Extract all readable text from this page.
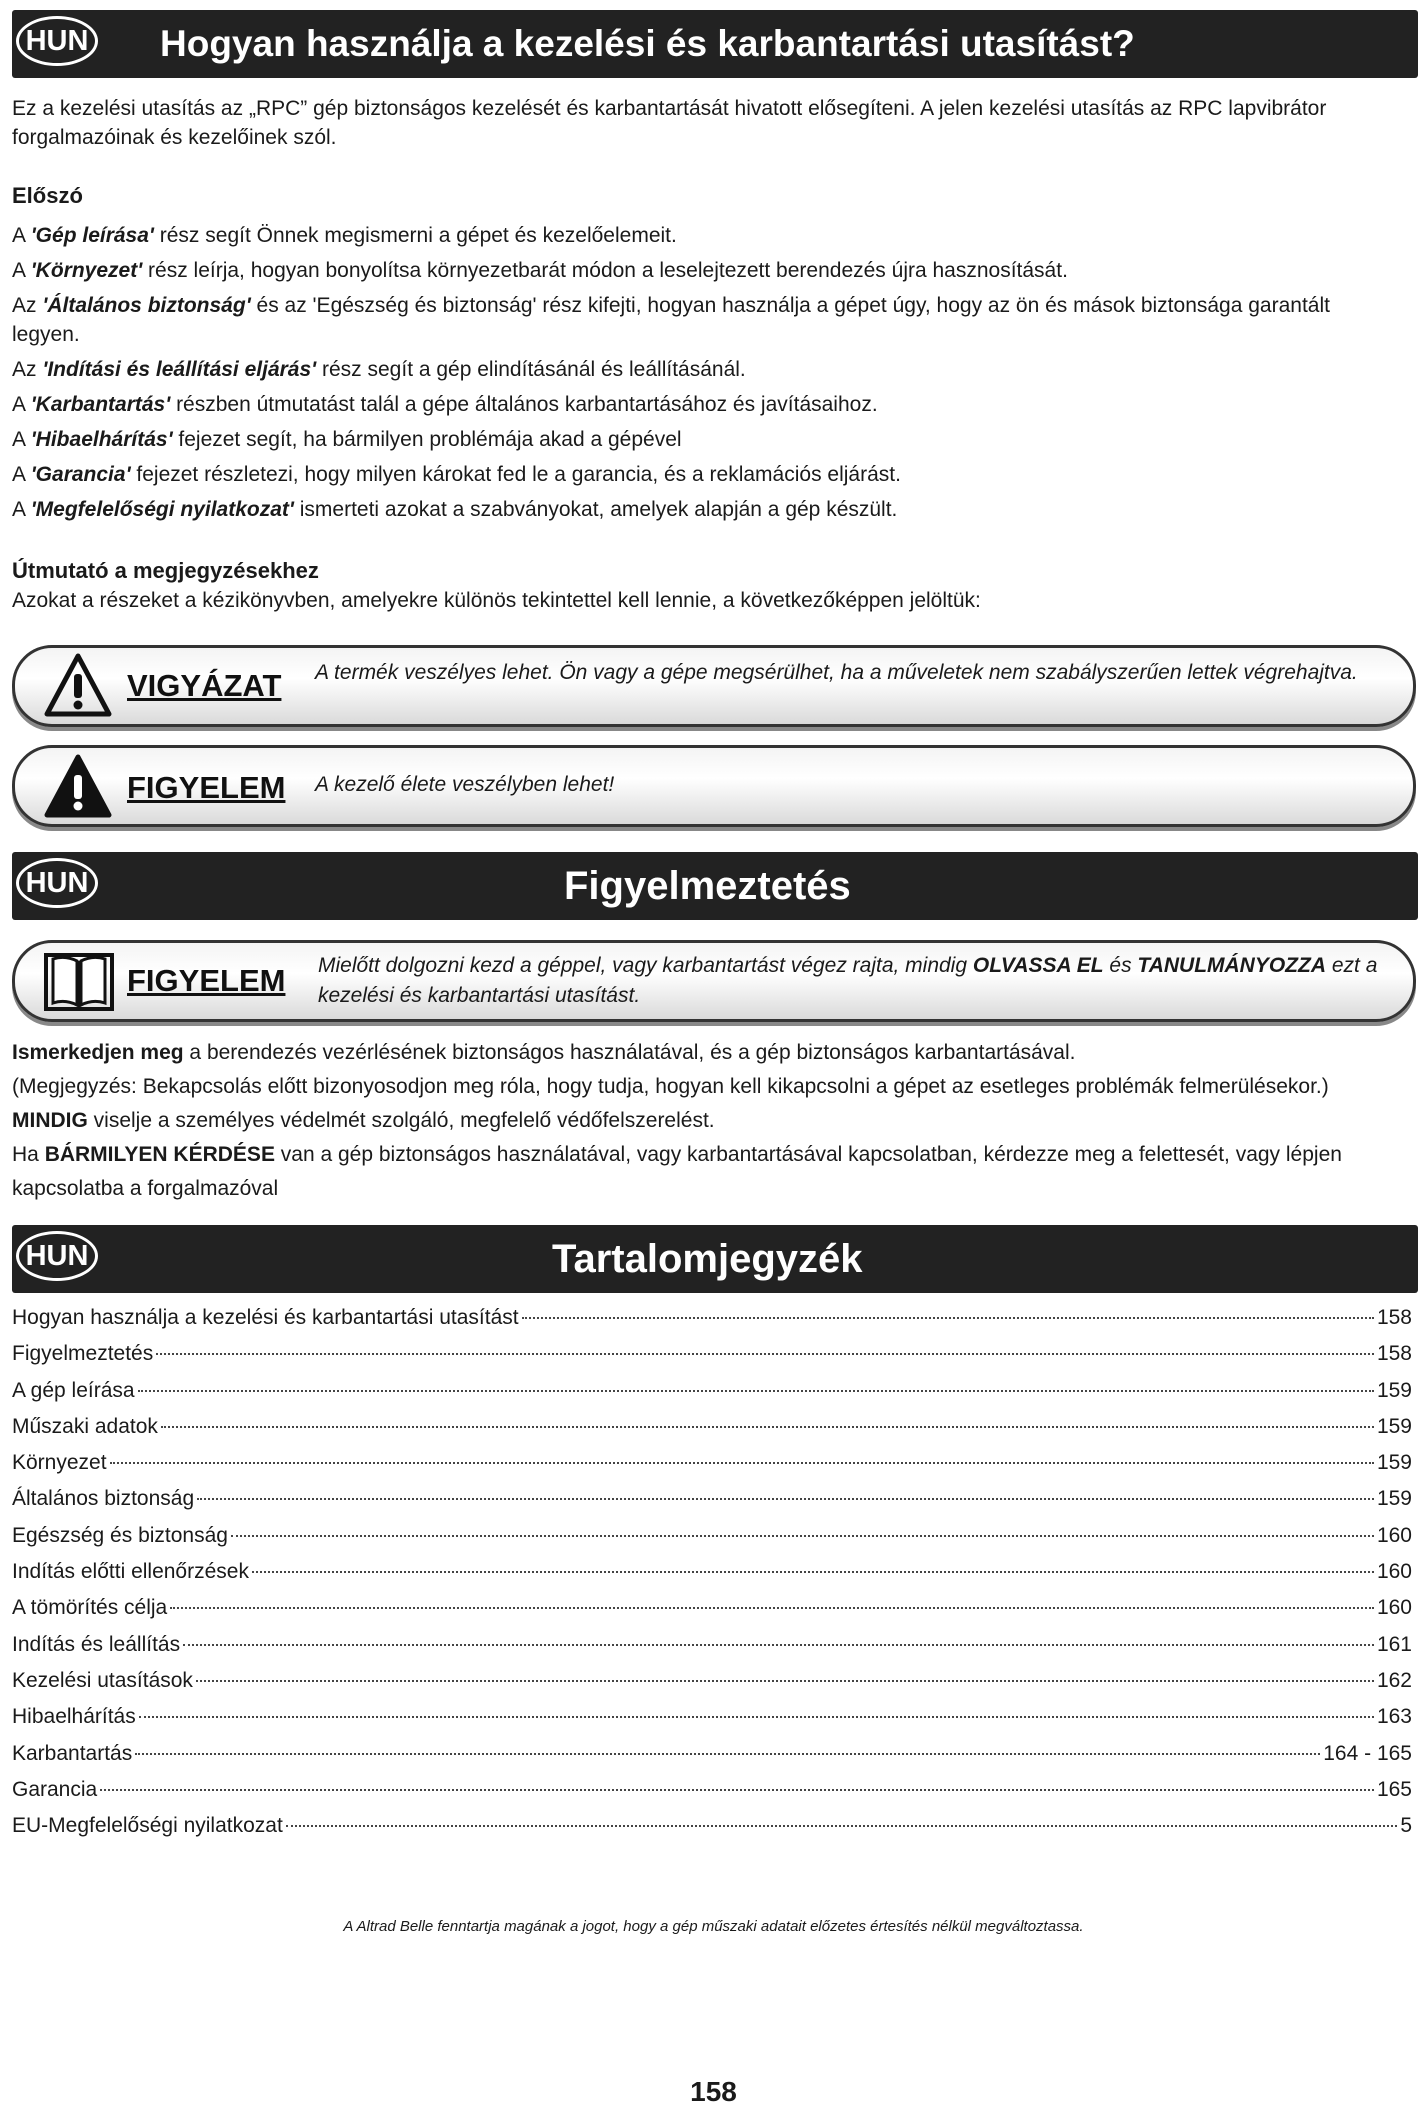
HUN Hogyan használja a kezelési és karbantartási utasítást?
Ez a kezelési utasítás az „RPC” gép biztonságos kezelését és karbantartását hivatott elősegíteni. A jelen kezelési utasítás az RPC lapvibrátor forgalmazóinak és kezelőinek szól.
Előszó
A 'Gép leírása' rész segít Önnek megismerni a gépet és kezelőelemeit.
A 'Környezet' rész leírja, hogyan bonyolítsa környezetbarát módon a leselejtezett berendezés újra hasznosítását.
Az 'Általános biztonság' és az 'Egészség és biztonság' rész kifejti, hogyan használja a gépet úgy, hogy az ön és mások biztonsága garantált legyen.
Az 'Indítási és leállítási eljárás' rész segít a gép elindításánál és leállításánál.
A 'Karbantartás' részben útmutatást talál a gépe általános karbantartásához és javításaihoz.
A 'Hibaelhárítás' fejezet segít, ha bármilyen problémája akad a gépével
A 'Garancia' fejezet részletezi, hogy milyen károkat fed le a garancia, és a reklamációs eljárást.
A 'Megfelelőségi nyilatkozat' ismerteti azokat a szabványokat, amelyek alapján a gép készült.
Útmutató a megjegyzésekhez
Azokat a részeket a kézikönyvben, amelyekre különös tekintettel kell lennie, a következőképpen jelöltük:
VIGYÁZAT A termék veszélyes lehet. Ön vagy a gépe megsérülhet, ha a műveletek nem szabályszerűen lettek végrehajtva.
FIGYELEM A kezelő élete veszélyben lehet!
HUN	Figyelmeztetés
FIGYELEM Mielőtt dolgozni kezd a géppel, vagy karbantartást végez rajta, mindig OLVASSA EL és TANULMÁNYOZZA ezt a kezelési és karbantartási utasítást.
Ismerkedjen meg a berendezés vezérlésének biztonságos használatával, és a gép biztonságos karbantartásával.
(Megjegyzés: Bekapcsolás előtt bizonyosodjon meg róla, hogy tudja, hogyan kell kikapcsolni a gépet az esetleges problémák felmerülésekor.)
MINDIG viselje a személyes védelmét szolgáló, megfelelő védőfelszerelést.
Ha BÁRMILYEN KÉRDÉSE van a gép biztonságos használatával, vagy karbantartásával kapcsolatban, kérdezze meg a felettesét, vagy lépjen kapcsolatba a forgalmazóval
HUN	Tartalomjegyzék
Hogyan használja a kezelési és karbantartási utasítást	158
Figyelmeztetés	158
A gép leírása	159
Műszaki adatok	159
Környezet	159
Általános biztonság	159
Egészség és biztonság	160
Indítás előtti ellenőrzések	160
A tömörítés célja	160
Indítás és leállítás	161
Kezelési utasítások	162
Hibaelhárítás	163
Karbantartás	164 - 165
Garancia	165
EU-Megfelelőségi nyilatkozat	5
A Altrad Belle fenntartja magának a jogot, hogy a gép műszaki adatait előzetes értesítés nélkül megváltoztassa.
158
